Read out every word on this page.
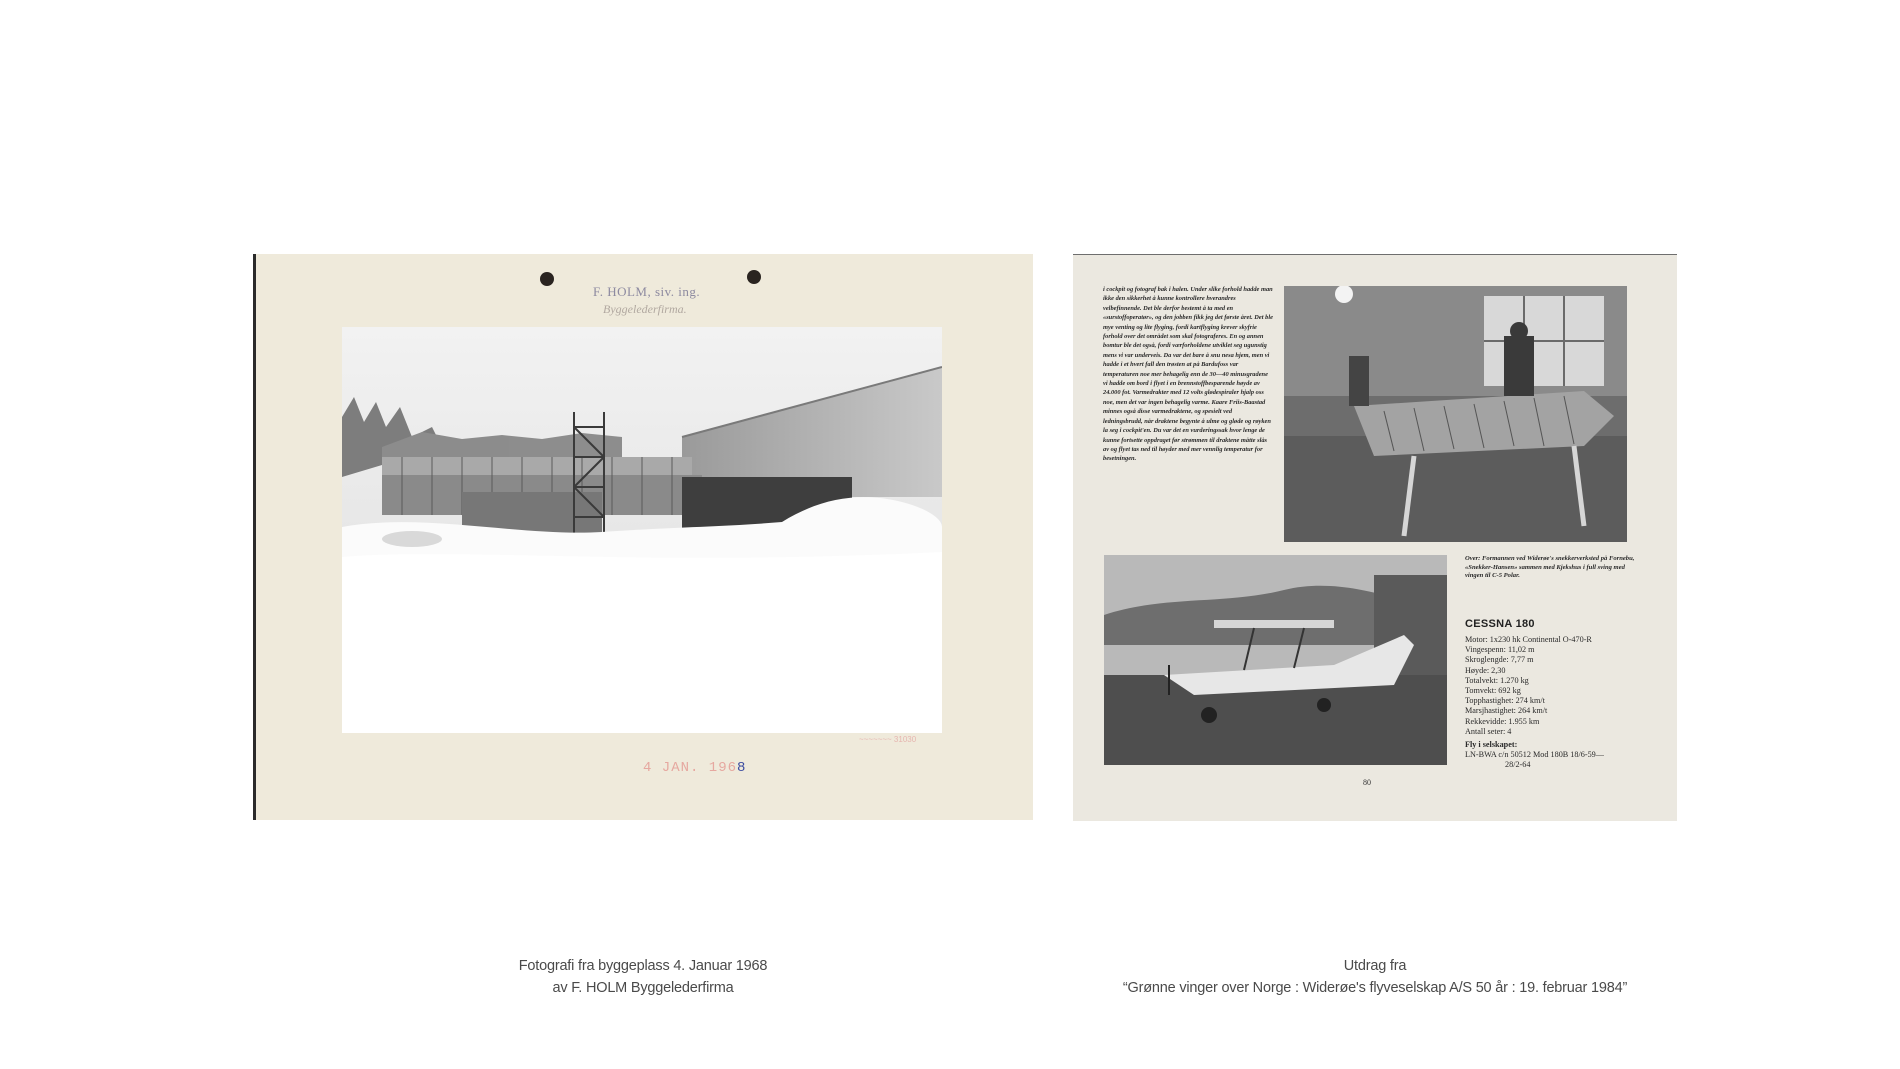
F. HOLM, siv. ing.
Byggelederfirma.
~~~~~~~ 31030
4 JAN. 1968
i cockpit og fotograf bak i halen. Under slike forhold hadde man ikke den sikkerhet å kunne kontrollere hverandres velbefinnende. Det ble derfor bestemt å ta med en «surstoffoperatør», og den jobben fikk jeg det første året. Det ble mye venting og lite flyging, fordi kartflyging krever skyfrie forhold over det området som skal fotograferes. En og annen bomtur ble det også, fordi værforholdene utviklet seg ugunstig mens vi var underveis. Da var det bare å snu nesa hjem, men vi hadde i et hvert fall den trøsten at på Bardufoss var temperaturen noe mer behagelig enn de 30—40 minusgradene vi hadde om bord i flyet i en brennstoffbesparende høyde av 24.000 fot. Varmedrakter med 12 volts glødespiraler hjalp oss noe, men det var ingen behagelig varme. Kaare Friis-Baastad minnes også disse varmedraktene, og spesielt ved ledningsbrudd, når draktene begynte å ulme og gløde og røyken la seg i cockpit'en. Du var det en vurderingssak hvor lenge de kunne fortsette oppdraget før strømmen til draktene måtte slås av og flyet tas ned til høyder med mer vennlig temperatur for besetningen.
Over: Formannen ved Widerøe's snekkerverksted på Fornebu, «Snekker-Hansen» sammen med Kjekshus i full sving med vingen til C-5 Polar.
CESSNA 180
Motor: 1x230 hk Continental O-470-R
Vingespenn: 11,02 m
Skroglengde: 7,77 m
Høyde: 2,30
Totalvekt: 1.270 kg
Tomvekt: 692 kg
Topphastighet: 274 km/t
Marsjhastighet: 264 km/t
Rekkevidde: 1.955 km
Antall seter: 4
Fly i selskapet:
LN-BWA c/n 50512 Mod 180B 18/6-59—
28/2-64
80
Fotografi fra byggeplass 4. Januar 1968
av F. HOLM Byggelederfirma
Utdrag fra
“Grønne vinger over Norge : Widerøe's flyveselskap A/S 50 år : 19. februar 1984”
